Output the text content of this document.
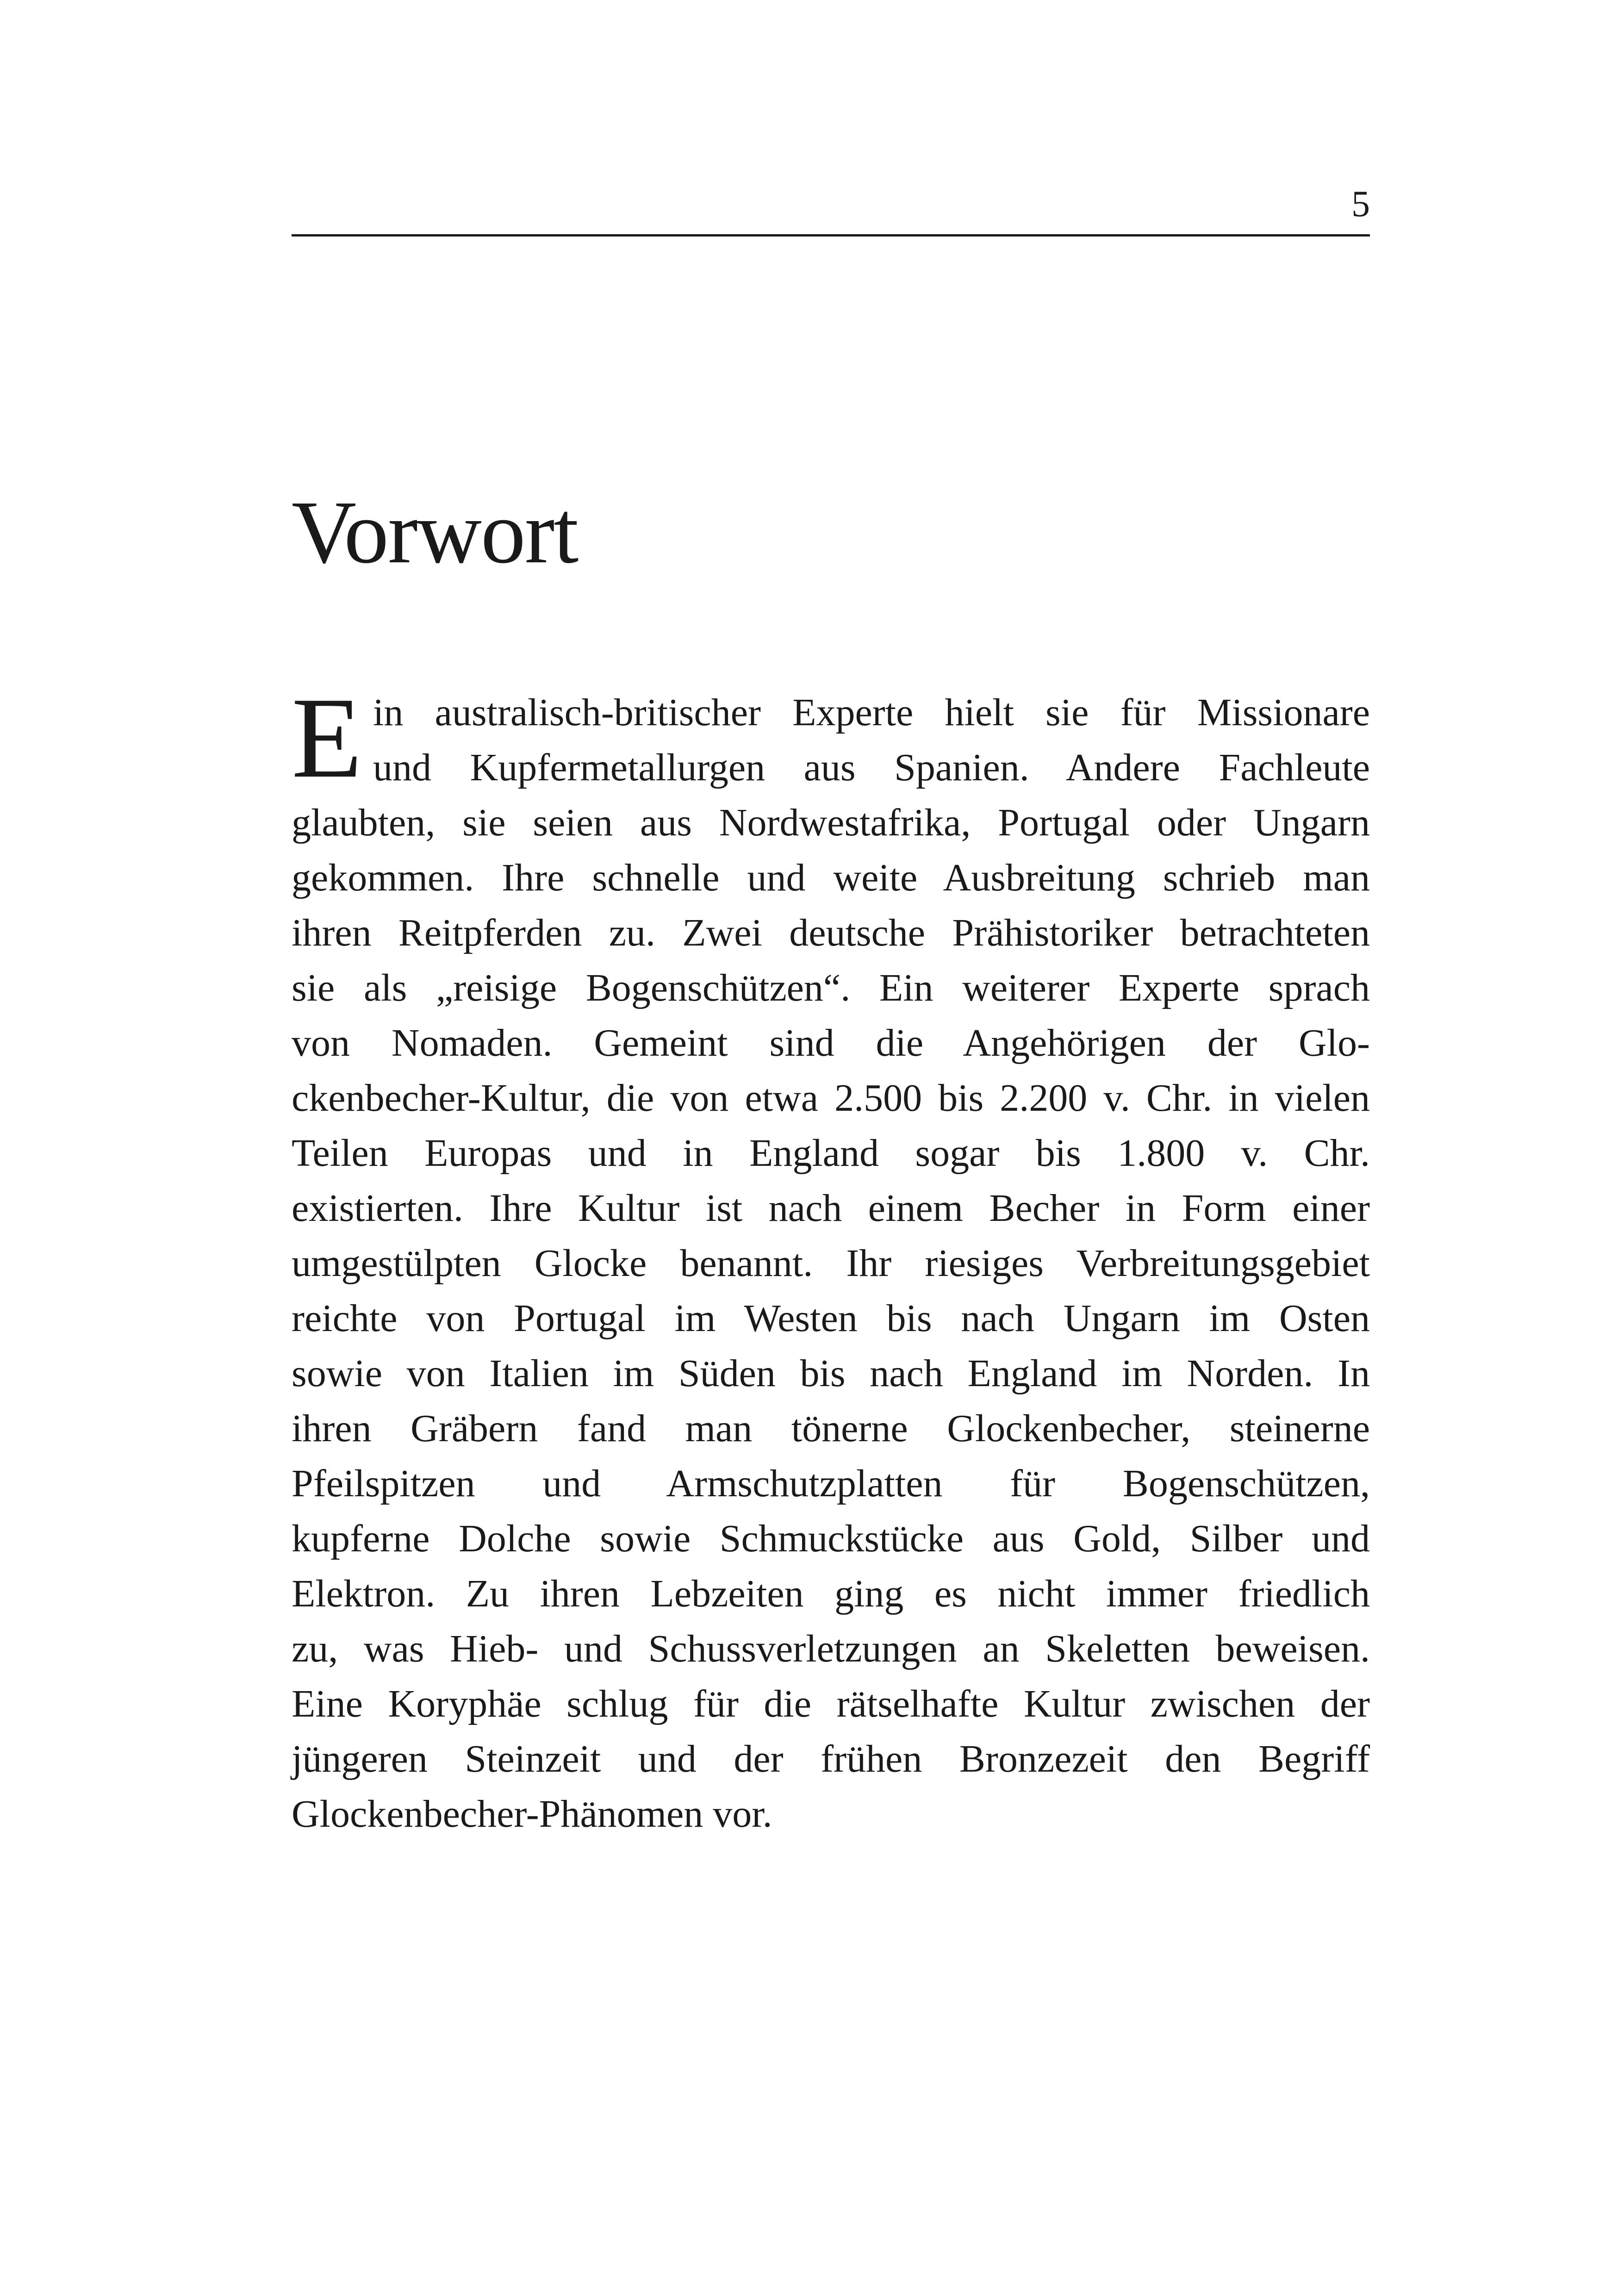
5
Vorwort
E in australisch-britischer Experte hielt sie für Missionare
und Kupfermetallurgen aus Spanien. Andere Fachleute
glaubten, sie seien aus Nordwestafrika, Portugal oder Ungarn
gekommen. Ihre schnelle und weite Ausbreitung schrieb man
ihren Reitpferden zu. Zwei deutsche Prähistoriker betrachteten
sie als „reisige Bogenschützen“. Ein weiterer Experte sprach
von Nomaden. Gemeint sind die Angehörigen der Glo-
ckenbecher-Kultur, die von etwa 2.500 bis 2.200 v. Chr. in vielen
Teilen Europas und in England sogar bis 1.800 v. Chr.
existierten. Ihre Kultur ist nach einem Becher in Form einer
umgestülpten Glocke benannt. Ihr riesiges Verbreitungsgebiet
reichte von Portugal im Westen bis nach Ungarn im Osten
sowie von Italien im Süden bis nach England im Norden. In
ihren Gräbern fand man tönerne Glockenbecher, steinerne
Pfeilspitzen und Armschutzplatten für Bogenschützen,
kupferne Dolche sowie Schmuckstücke aus Gold, Silber und
Elektron. Zu ihren Lebzeiten ging es nicht immer friedlich
zu, was Hieb- und Schussverletzungen an Skeletten beweisen.
Eine Koryphäe schlug für die rätselhafte Kultur zwischen der
jüngeren Steinzeit und der frühen Bronzezeit den Begriff
Glockenbecher-Phänomen vor.
